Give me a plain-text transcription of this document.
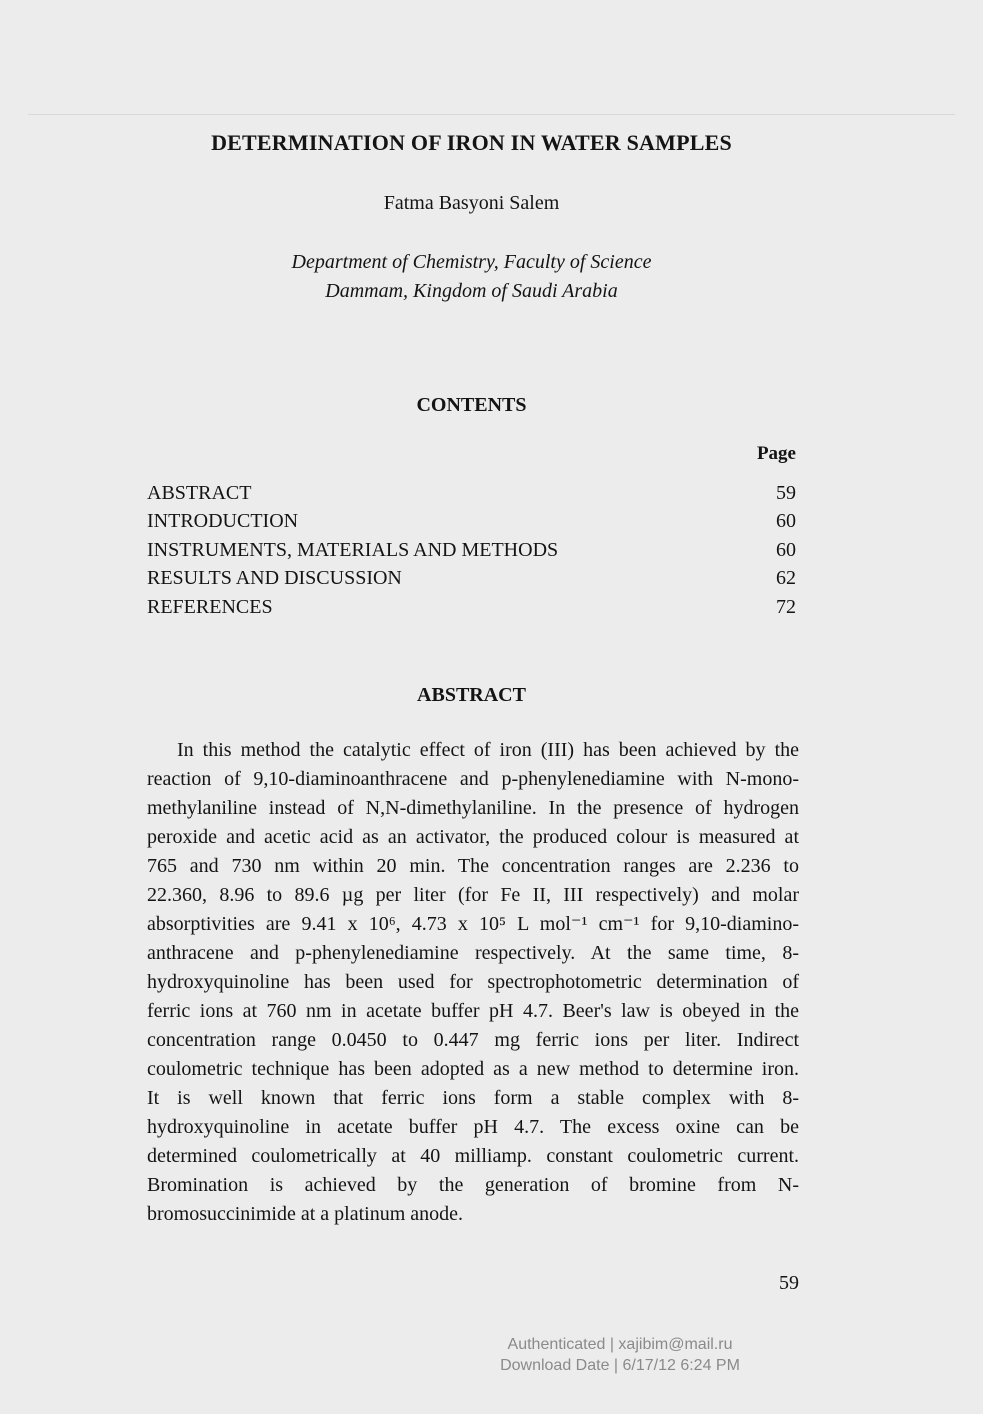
DETERMINATION OF IRON IN WATER SAMPLES
Fatma Basyoni Salem
Department of Chemistry, Faculty of Science
Dammam, Kingdom of Saudi Arabia
CONTENTS
Page
ABSTRACT	59
INTRODUCTION	60
INSTRUMENTS, MATERIALS AND METHODS	60
RESULTS AND DISCUSSION	62
REFERENCES	72
ABSTRACT
In this method the catalytic effect of iron (III) has been achieved by the
reaction of 9,10-diaminoanthracene and p-phenylenediamine with N-mono-
methylaniline instead of N,N-dimethylaniline. In the presence of hydrogen
peroxide and acetic acid as an activator, the produced colour is measured at
765 and 730 nm within 20 min. The concentration ranges are 2.236 to
22.360, 8.96 to 89.6 µg per liter (for Fe II, III respectively) and molar
absorptivities are 9.41 x 10⁶, 4.73 x 10⁵ L mol⁻¹ cm⁻¹ for 9,10-diamino-
anthracene and p-phenylenediamine respectively. At the same time, 8-
hydroxyquinoline has been used for spectrophotometric determination of
ferric ions at 760 nm in acetate buffer pH 4.7. Beer's law is obeyed in the
concentration range 0.0450 to 0.447 mg ferric ions per liter. Indirect
coulometric technique has been adopted as a new method to determine iron.
It is well known that ferric ions form a stable complex with 8-
hydroxyquinoline in acetate buffer pH 4.7. The excess oxine can be
determined coulometrically at 40 milliamp. constant coulometric current.
Bromination is achieved by the generation of bromine from N-
bromosuccinimide at a platinum anode.
59
Authenticated | xajibim@mail.ru
Download Date | 6/17/12 6:24 PM
